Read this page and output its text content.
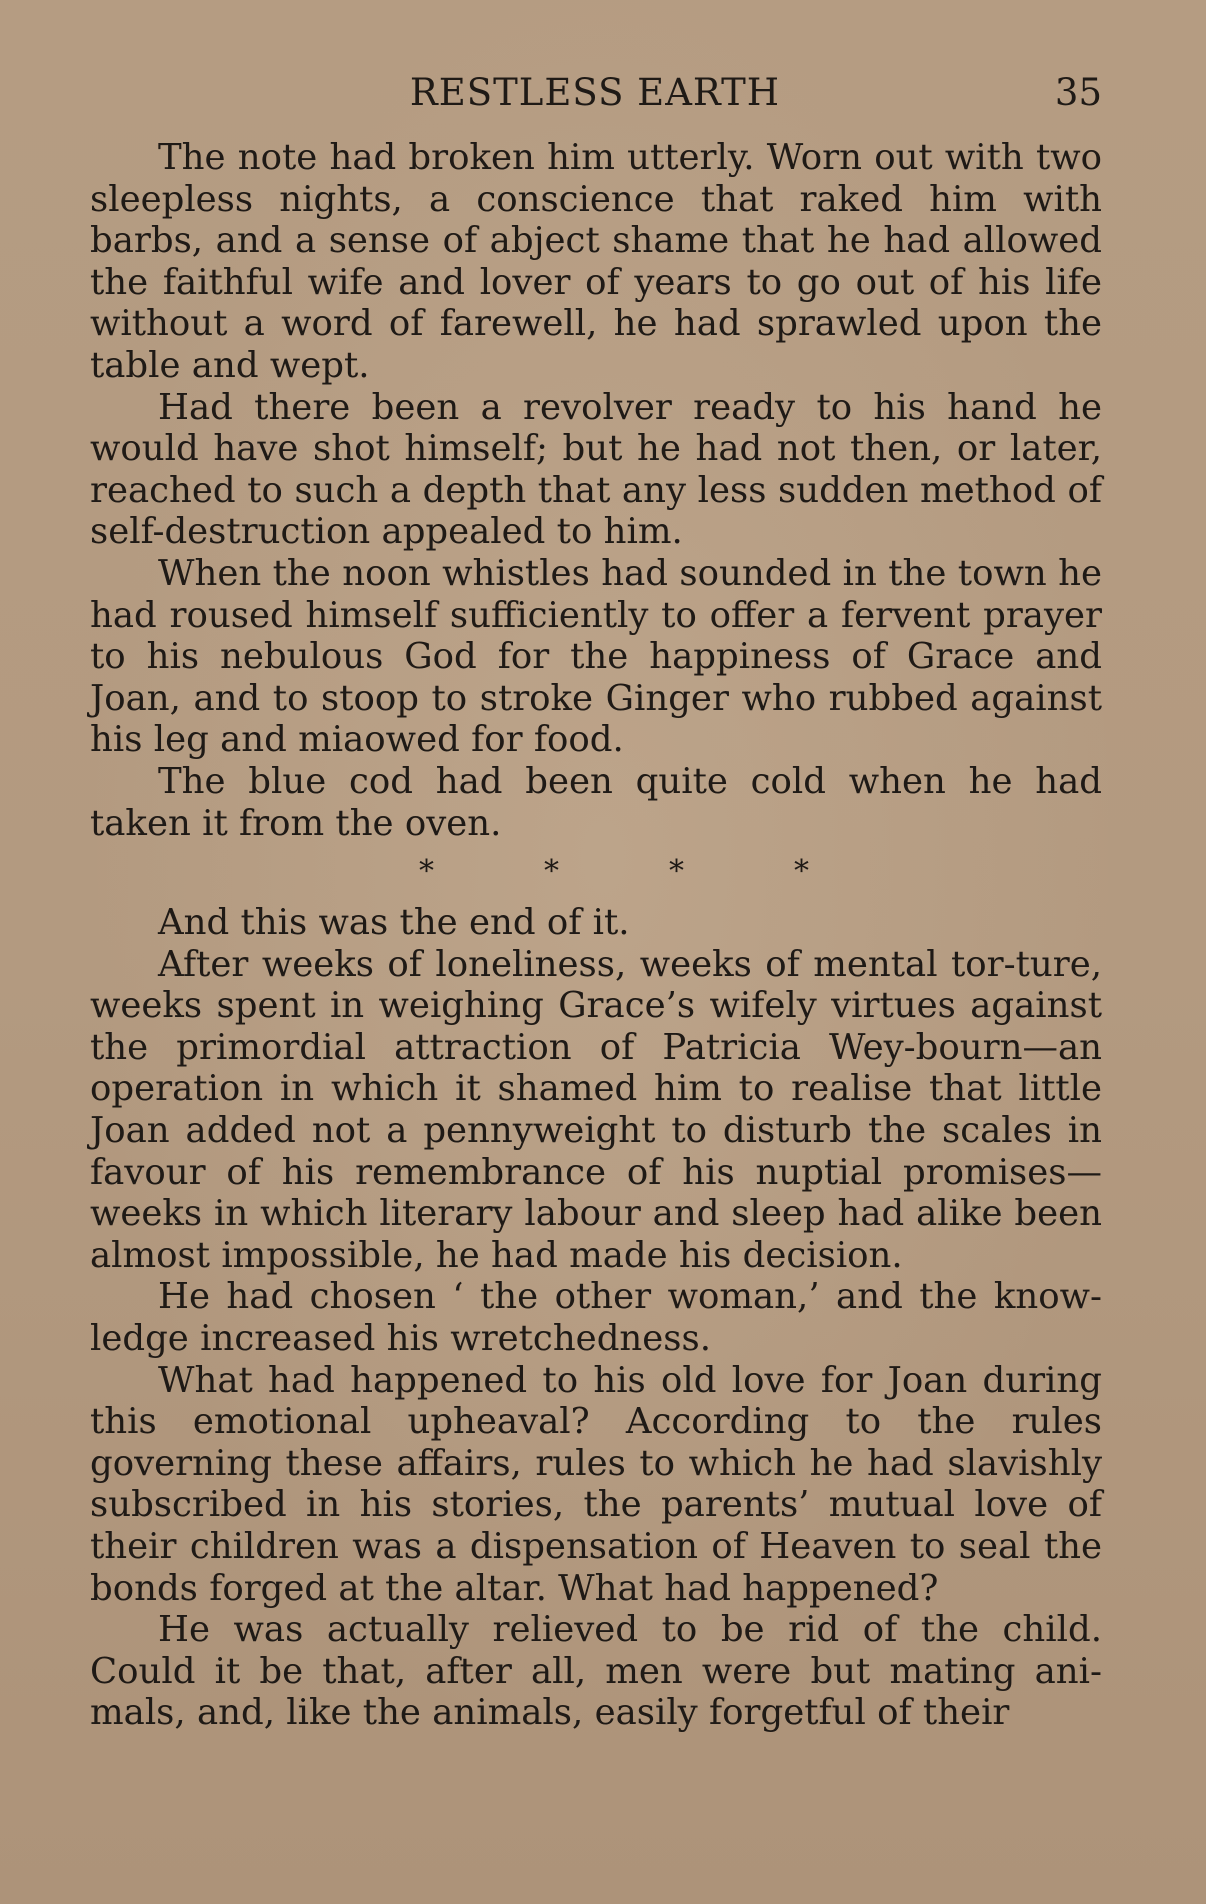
RESTLESS EARTH	35

The note had broken him utterly. Worn out with two sleepless nights, a conscience that raked him with barbs, and a sense of abject shame that he had allowed the faithful wife and lover of years to go out of his life without a word of farewell, he had sprawled upon the table and wept.

Had there been a revolver ready to his hand he would have shot himself; but he had not then, or later, reached to such a depth that any less sudden method of self-destruction appealed to him.

When the noon whistles had sounded in the town he had roused himself sufficiently to offer a fervent prayer to his nebulous God for the happiness of Grace and Joan, and to stoop to stroke Ginger who rubbed against his leg and miaowed for food.

The blue cod had been quite cold when he had taken it from the oven.

*	*	*	*

And this was the end of it.

After weeks of loneliness, weeks of mental tor-ture, weeks spent in weighing Grace’s wifely virtues against the primordial attraction of Patricia Wey-bourn—an operation in which it shamed him to realise that little Joan added not a pennyweight to disturb the scales in favour of his remembrance of his nuptial promises—weeks in which literary labour and sleep had alike been almost impossible, he had made his decision.

He had chosen ‘ the other woman,’ and the know-ledge increased his wretchedness.

What had happened to his old love for Joan during this emotional upheaval? According to the rules governing these affairs, rules to which he had slavishly subscribed in his stories, the parents’ mutual love of their children was a dispensation of Heaven to seal the bonds forged at the altar. What had happened?

He was actually relieved to be rid of the child. Could it be that, after all, men were but mating ani-mals, and, like the animals, easily forgetful of their
